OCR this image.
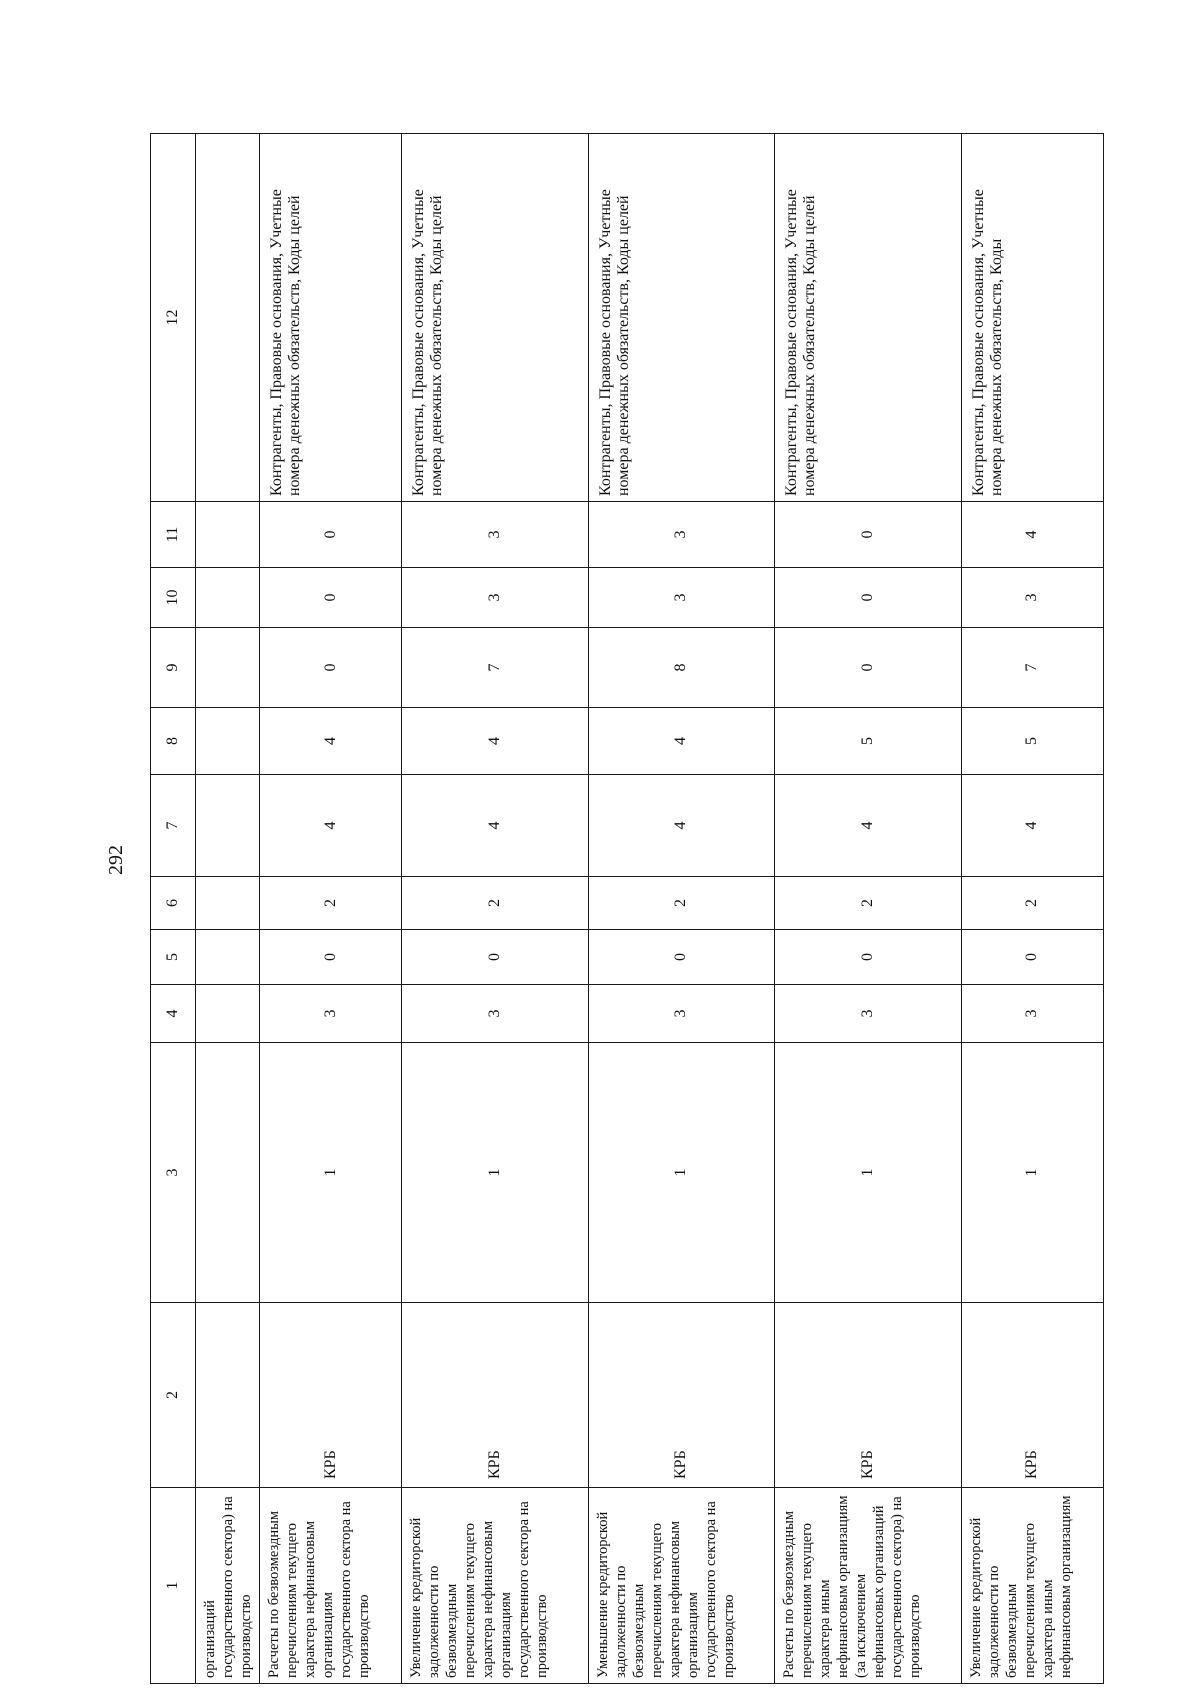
292
1	2	3	4	5	6	7	8	9	10	11	12
организаций государственного сектора) на производство											
Расчеты по безвозмездным перечислениям текущего характера нефинансовым организациям государственного сектора на производство	КРБ	1	3	0	2	4	4	0	0	0	Контрагенты, Правовые основания, Учетные номера денежных обязательств, Коды целей
Увеличение кредиторской задолженности по безвозмездным перечислениям текущего характера нефинансовым организациям государственного сектора на производство	КРБ	1	3	0	2	4	4	7	3	3	Контрагенты, Правовые основания, Учетные номера денежных обязательств, Коды целей
Уменьшение кредиторской задолженности по безвозмездным перечислениям текущего характера нефинансовым организациям государственного сектора на производство	КРБ	1	3	0	2	4	4	8	3	3	Контрагенты, Правовые основания, Учетные номера денежных обязательств, Коды целей
Расчеты по безвозмездным перечислениям текущего характера иным нефинансовым организациям (за исключением нефинансовых организаций государственного сектора) на производство	КРБ	1	3	0	2	4	5	0	0	0	Контрагенты, Правовые основания, Учетные номера денежных обязательств, Коды целей
Увеличение кредиторской задолженности по безвозмездным перечислениям текущего характера иным нефинансовым организациям	КРБ	1	3	0	2	4	5	7	3	4	Контрагенты, Правовые основания, Учетные номера денежных обязательств, Коды
